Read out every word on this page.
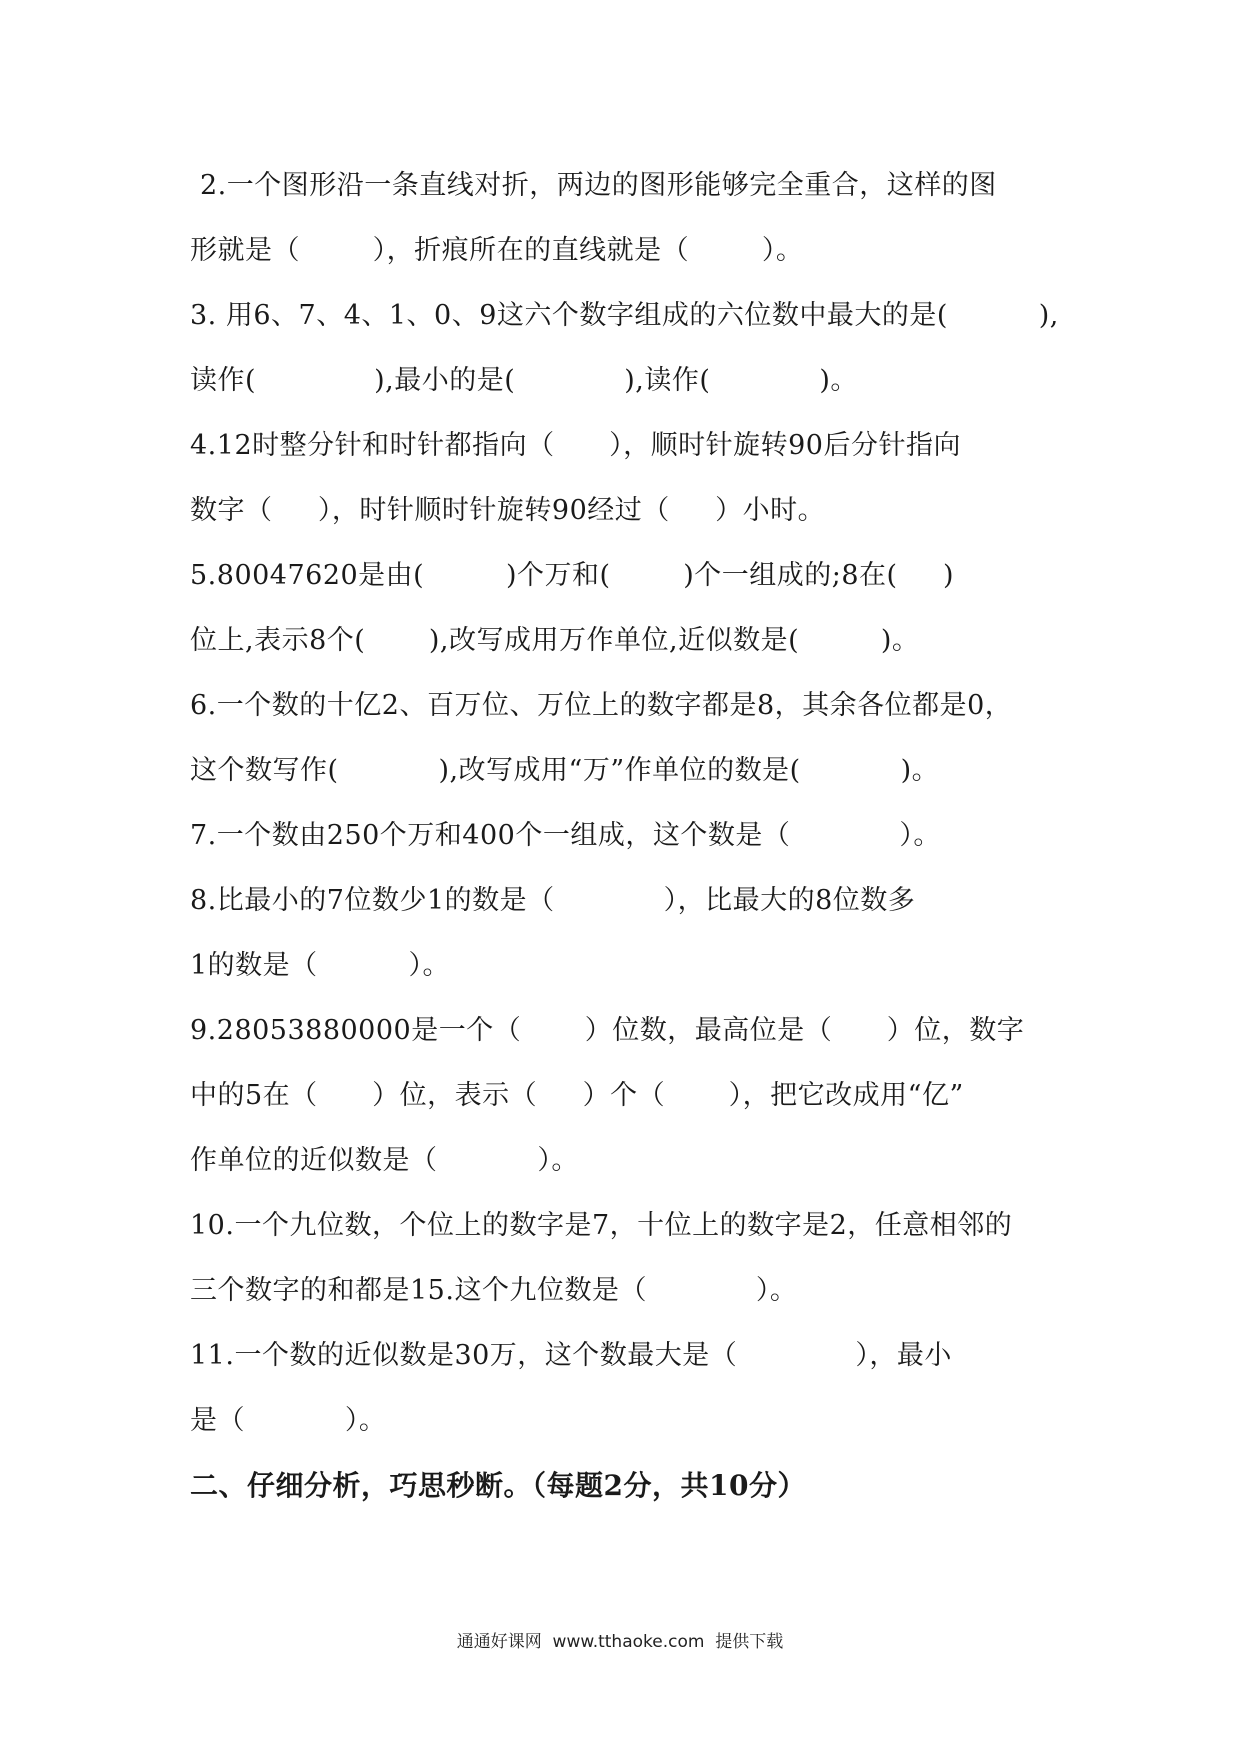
2.一个图形沿一条直线对折，两边的图形能够完全重合，这样的图
形就是（        ），折痕所在的直线就是（        ）。
3. 用6、7、4、1、0、9这六个数字组成的六位数中最大的是(          ),
读作(             ),最小的是(            ),读作(            )。
4.12时整分针和时针都指向（      ），顺时针旋转90后分针指向
数字（     ），时针顺时针旋转90经过（     ）小时。
5.80047620是由(         )个万和(        )个一组成的;8在(     )
位上,表示8个(       ),改写成用万作单位,近似数是(         )。
6.一个数的十亿2、百万位、万位上的数字都是8，其余各位都是0，
这个数写作(           ),改写成用“万”作单位的数是(           )。
7.一个数由250个万和400个一组成，这个数是（            ）。
8.比最小的7位数少1的数是（            ），比最大的8位数多
1的数是（          ）。
9.28053880000是一个（       ）位数，最高位是（      ）位，数字
中的5在（      ）位，表示（     ）个（       ），把它改成用“亿”
作单位的近似数是（           ）。
10.一个九位数，个位上的数字是7，十位上的数字是2，任意相邻的
三个数字的和都是15.这个九位数是（            ）。
11.一个数的近似数是30万，这个数最大是（             ），最小
是（           ）。
二、仔细分析，巧思秒断。（每题2分，共10分）
通通好课网  www.tthaoke.com  提供下载
